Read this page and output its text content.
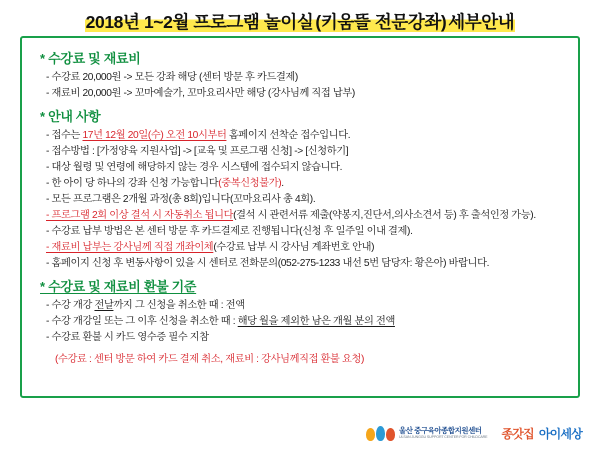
2018년 1~2월 프로그램 놀이실 (키움뜰 전문강좌) 세부안내
* 수강료 및 재료비
- 수강료 20,000원 -> 모든 강좌 해당 (센터 방문 후 카드결제)
- 재료비 20,000원 -> 꼬마예술가, 꼬마요리사만 해당 (강사님께 직접 납부)
* 안내 사항
- 접수는 17년 12월 20일(수) 오전 10시부터 홈페이지 선착순 접수입니다.
- 접수방법 : [가정양육 지원사업] -> [교육 및 프로그램 신청] -> [신청하기]
- 대상 월령 및 연령에 해당하지 않는 경우 시스템에 접수되지 않습니다.
- 한 아이 당 하나의 강좌 신청 가능합니다(중복신청불가).
- 모든 프로그램은 2개월 과정(총 8회)입니다(꼬마요리사 총 4회).
- 프로그램 2회 이상 결석 시 자동취소 됩니다(결석 시 관련서류 제출(약봉지,진단서,의사소견서 등) 후 출석인정 가능).
- 수강료 납부 방법은 본 센터 방문 후 카드결제로 진행됩니다(신청 후 일주일 이내 결제).
- 재료비 납부는 강사님께 직접 개좌이체(수강료 납부 시 강사님 계좌번호 안내)
- 홈페이지 신청 후 변동사항이 있을 시 센터로 전화문의(052-275-1233 내선 5번 담당자: 황은아) 바랍니다.
* 수강료 및 재료비 환불 기준
- 수강 개강 전날까지 그 신청을 취소한 때 : 전액
- 수강 개강일 또는 그 이후 신청을 취소한 때 : 해당 월을 제외한 남은 개월 분의 전액
- 수강료 환불 시 카드 영수증 필수 지참
(수강료 : 센터 방문 하여 카드 결제 취소, 재료비 : 강사님께직접 환불 요청)
울산 중구육아종합지원센터
ULSAN JUNGGU SUPPORT CENTER FOR CHILDCARE 종갓집 아이세상
